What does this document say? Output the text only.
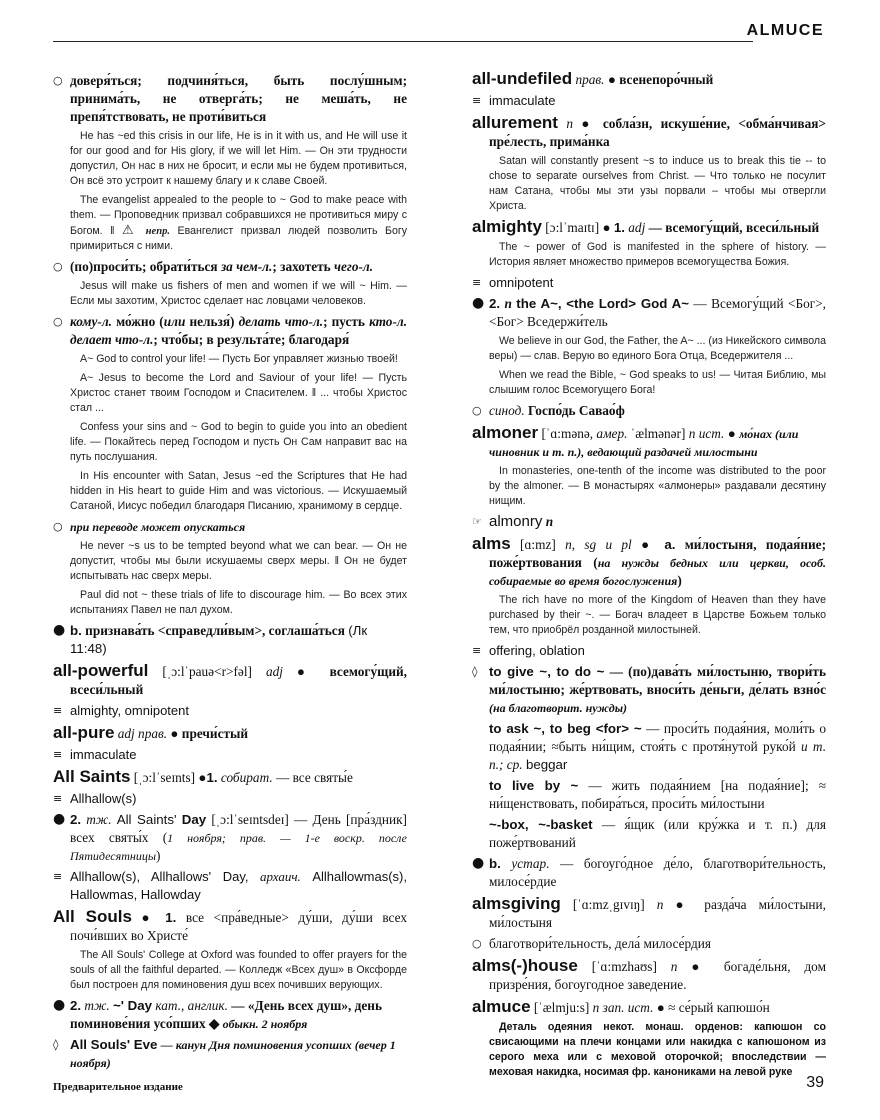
ALMUCE
○ доверя́ться; подчиня́ться, быть послу́шным; принима́ть, не отверга́ть; не меша́ть, не препя́тствовать, не проти́виться
He has ~ed this crisis in our life, He is in it with us, and He will use it for our good and for His glory, if we will let Him. — Он эти трудности допустил, Он нас в них не бросит, и если мы не будем противиться, Он всё это устроит к нашему благу и к славе Своей.
The evangelist appealed to the people to ~ God to make peace with them. — Проповедник призвал собравшихся не противиться миру с Богом. ‖ ⚠ непр. Евангелист призвал людей позволить Богу примириться с ними.
○ (по)проси́ть; обрати́ться за чем-л.; захотеть чего-л.
Jesus will make us fishers of men and women if we will ~ Him. — Если мы захотим, Христос сделает нас ловцами человеков.
○ кому-л. мо́жно (или нельзя́) делать что-л.; пусть кто-л. делает что-л.; что́бы; в результа́те; благодаря́
A~ God to control your life! — Пусть Бог управляет жизнью твоей!
A~ Jesus to become the Lord and Saviour of your life! — Пусть Христос станет твоим Господом и Спасителем. ‖ ... чтобы Христос стал ...
Confess your sins and ~ God to begin to guide you into an obedient life. — Покайтесь перед Господом и пусть Он Сам направит вас на путь послушания.
In His encounter with Satan, Jesus ~ed the Scriptures that He had hidden in His heart to guide Him and was victorious. — Искушаемый Сатаной, Иисус победил благодаря Писанию, хранимому в сердце.
○ при переводе может опускаться
He never ~s us to be tempted beyond what we can bear. — Он не допустит, чтобы мы были искушаемы сверх меры. ‖ Он не будет испытывать нас сверх меры.
Paul did not ~ these trials of life to discourage him. — Во всех этих испытаниях Павел не пал духом.
● b. признава́ть <справедли́вым>, соглаша́ться (Лк 11:48)
all-powerful [ˌɔ:lˈpauə<r>fəl] adj ● всемогу́щий, всеси́льный
≡ almighty, omnipotent
all-pure adj прав. ● пречи́стый
≡ immaculate
All Saints [ˌɔ:lˈseɪnts] ●1. собират. — все святы́е
≡ Allhallow(s)
● 2. тж. All Saints' Day [ˌɔ:lˈseɪntsdeɪ] — День [пра́здник] всех святы́х (1 ноября; прав. — 1-е воскр. после Пятидесятницы)
≡ Allhallow(s), Allhallows' Day, архаич. Allhallowmas(s), Hallowmas, Hallowday
All Souls ● 1. все <пра́ведные> ду́ши, ду́ши всех почи́вших во Христе́
The All Souls' College at Oxford was founded to offer prayers for the souls of all the faithful departed. — Колледж «Всех душ» в Оксфорде был построен для поминовения душ всех почивших верующих.
● 2. тж. ~' Day кат., англик. — «День всех душ», день поминове́ния усо́пших ◆ обыкн. 2 ноября
◊ All Souls' Eve — канун Дня поминовения усопших (вечер 1 ноября)
all-undefiled прав. ● всенепоро́чный
≡ immaculate
allurement n ● собла́зн, искуше́ние, <обма́нчивая> пре́лесть, прима́нка
Satan will constantly present ~s to induce us to break this tie -- to chose to separate ourselves from Christ. — Что только не посулит нам Сатана, чтобы мы эти узы порвали – чтобы мы отвергли Христа.
almighty [ɔ:lˈmaɪtɪ] ● 1. adj — всемогу́щий, всеси́льный
The ~ power of God is manifested in the sphere of history. — История являет множество примеров всемогущества Божия.
≡ omnipotent
● 2. n the A~, <the Lord> God A~ — Всемогу́щий <Бог>, <Бог> Вседержи́тель
We believe in our God, the Father, the A~ ... (из Никейского символа веры) — слав. Верую во единого Бога Отца, Вседержителя ...
When we read the Bible, ~ God speaks to us! — Читая Библию, мы слышим голос Всемогущего Бога!
○ синод. Госпо́дь Савао́ф
almoner [ˈɑ:mənə, амер. ˈælmənər] n ист. ● мо́нах (или чиновник и т. п.), ведающий раздачей милостыни
In monasteries, one-tenth of the income was distributed to the poor by the almoner. — В монастырях «алмонеры» раздавали десятину нищим.
☞ almonry n
alms [ɑ:mz] n, sg и pl ● a. ми́лостыня, подая́ние; поже́ртвования (на нужды бедных или церкви, особ. собираемые во время богослужения)
The rich have no more of the Kingdom of Heaven than they have purchased by their ~. — Богач владеет в Царстве Божьем только тем, что приобрёл розданной милостыней.
≡ offering, oblation
◊ to give ~, to do ~ — (по)дава́ть ми́лостыню, твори́ть ми́лостыню; же́ртвовать, вноси́ть де́ньги, де́лать взно́с (на благотворит. нужды)
to ask ~, to beg <for> ~ — проси́ть подая́ния, моли́ть о подая́нии; ≈быть ни́щим, стоя́ть с протя́нутой руко́й и т. п.; ср. beggar
to live by ~ — жить подая́нием [на подая́ние]; ≈ ни́щенствовать, побира́ться, проси́ть ми́лостыни
~-box, ~-basket — я́щик (или кру́жка и т. п.) для поже́ртвований
● b. устар. — богоуго́дное де́ло, благотвори́тельность, милосе́рдие
almsgiving [ˈɑ:mzˌgɪvɪŋ] n ● разда́ча ми́лостыни, ми́лостыня
○ благотвори́тельность, дела́ милосе́рдия
alms(-)house [ˈɑ:mzhaʊs] n ● богаде́льня, дом призре́ния, богоугодное заведение.
almuce [ˈælmju:s] n зап. ист. ● ≈ се́рый капюшо́н
Деталь одеяния некот. монаш. орденов: капюшон со свисающими на плечи концами или накидка с капюшоном из серого меха или с меховой оторочкой; впоследствии — меховая накидка, носимая фр. канониками на левой руке
Предварительное издание	39
